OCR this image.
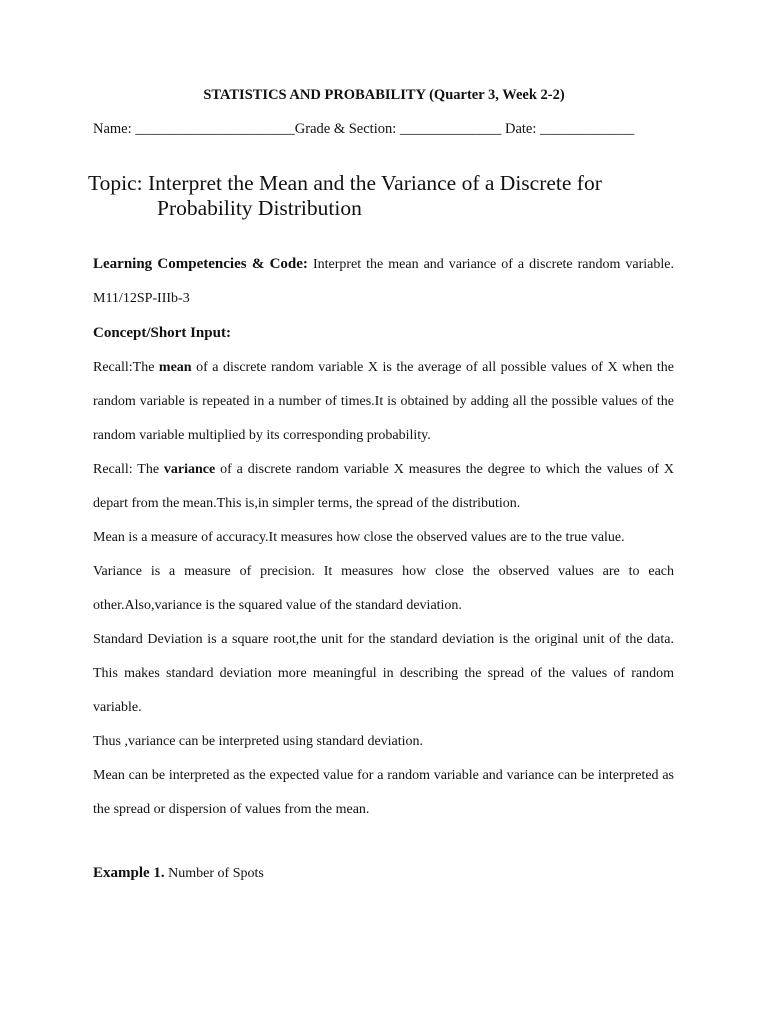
STATISTICS AND PROBABILITY (Quarter 3, Week 2-2)
Name: ______________________Grade & Section: ______________ Date: _____________
Topic: Interpret the Mean and the Variance of a Discrete for
Probability Distribution
Learning Competencies & Code: Interpret the mean and variance of a discrete random variable. M11/12SP-IIIb-3
Concept/Short Input:
Recall:The mean of a discrete random variable X is the average of all possible values of X when the random variable is repeated in a number of times.It is obtained by adding all the possible values of the random variable multiplied by its corresponding probability.
Recall: The variance of a discrete random variable X measures the degree to which the values of X depart from the mean.This is,in simpler terms, the spread of the distribution.
Mean is a measure of accuracy.It measures how close the observed values are to the true value.
Variance is a measure of precision. It measures how close the observed values are to each other.Also,variance is the squared value of the standard deviation.
Standard Deviation is a square root,the unit for the standard deviation is the original unit of the data. This makes standard deviation more meaningful in describing the spread of the values of random variable.
Thus ,variance can be interpreted using standard deviation.
Mean can be interpreted as the expected value for a random variable and variance can be interpreted as the spread or dispersion of values from the mean.
Example 1. Number of Spots
